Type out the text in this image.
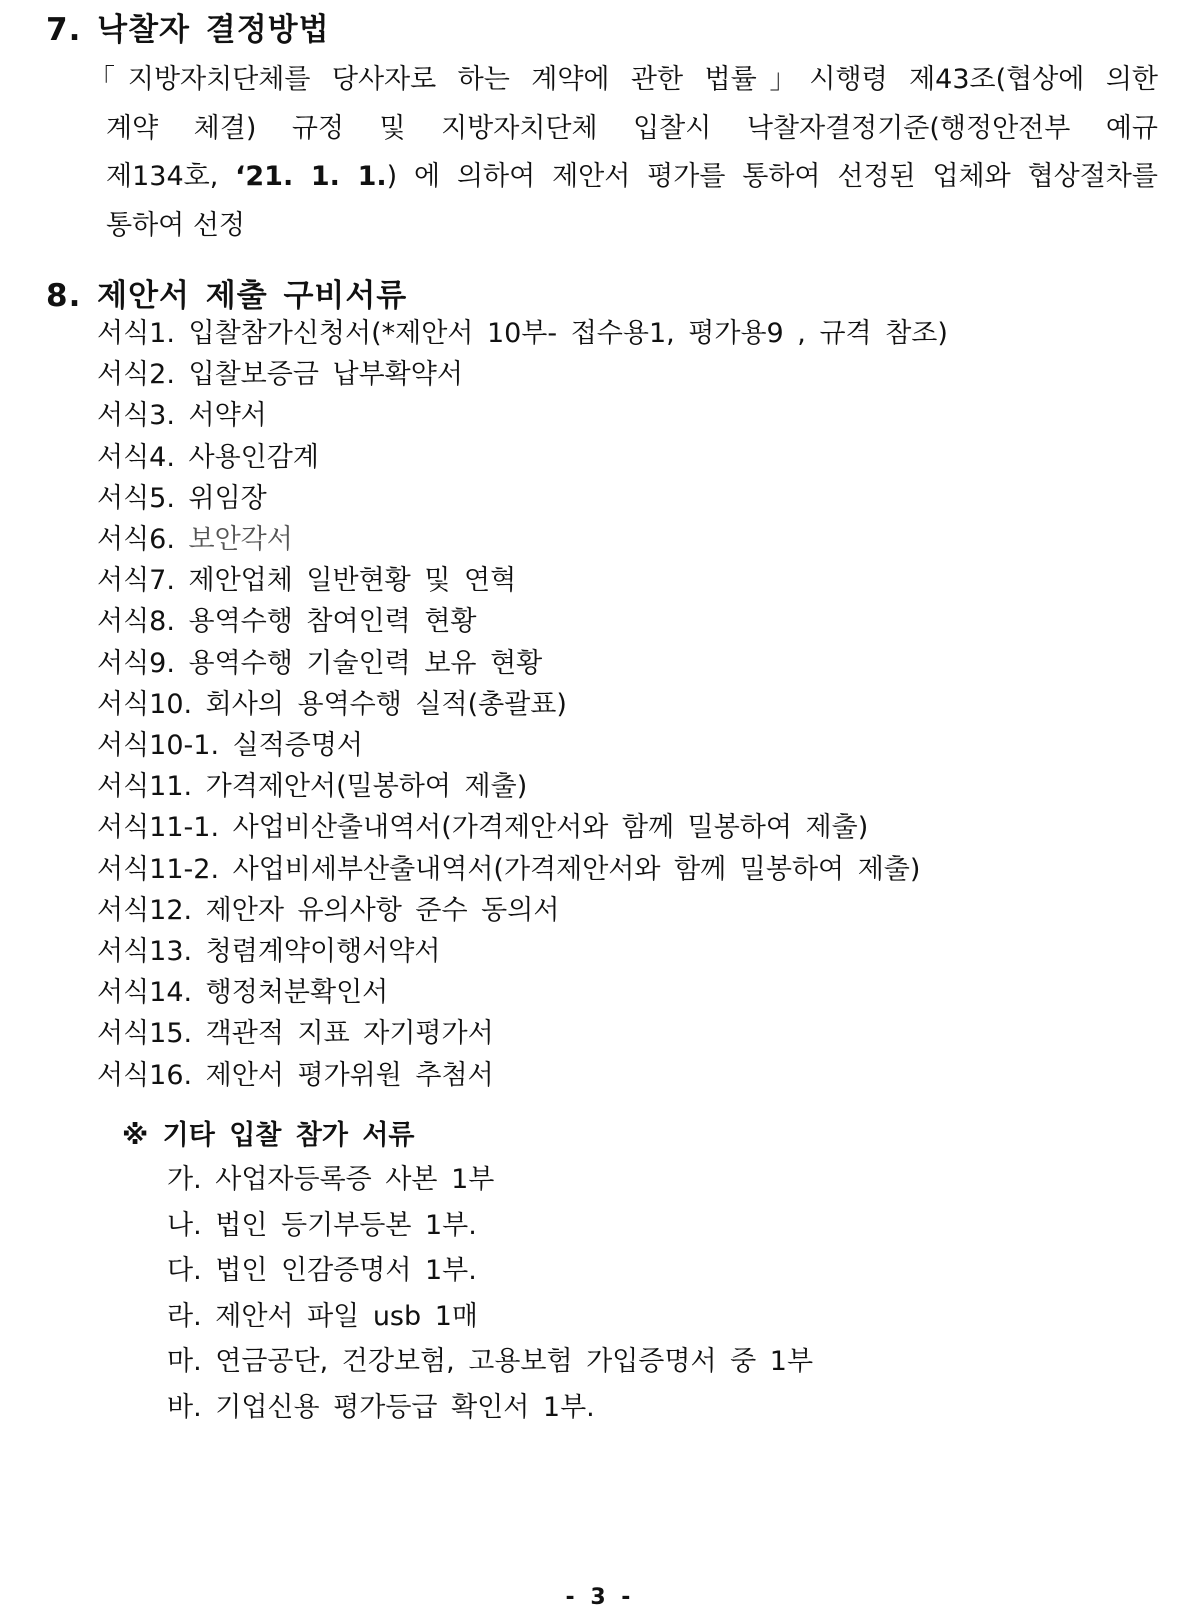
7. 낙찰자 결정방법

「지방자치단체를 당사자로 하는 계약에 관한 법률」시행령 제43조(협상에 의한
계약 체결) 규정 및 지방자치단체 입찰시 낙찰자결정기준(행정안전부 예규
제134호, ‘21. 1. 1.) 에 의하여 제안서 평가를 통하여 선정된 업체와 협상절차를
통하여 선정

8. 제안서 제출 구비서류
서식1. 입찰참가신청서(*제안서 10부- 접수용1, 평가용9 , 규격 참조)
서식2. 입찰보증금 납부확약서
서식3. 서약서
서식4. 사용인감계
서식5. 위임장
서식6. 보안각서
서식7. 제안업체 일반현황 및 연혁
서식8. 용역수행 참여인력 현황
서식9. 용역수행 기술인력 보유 현황
서식10. 회사의 용역수행 실적(총괄표)
서식10-1. 실적증명서
서식11. 가격제안서(밀봉하여 제출)
서식11-1. 사업비산출내역서(가격제안서와 함께 밀봉하여 제출)
서식11-2. 사업비세부산출내역서(가격제안서와 함께 밀봉하여 제출)
서식12. 제안자 유의사항 준수 동의서
서식13. 청렴계약이행서약서
서식14. 행정처분확인서
서식15. 객관적 지표 자기평가서
서식16. 제안서 평가위원 추첨서
※ 기타 입찰 참가 서류
가. 사업자등록증 사본 1부
나. 법인 등기부등본 1부.
다. 법인 인감증명서 1부.
라. 제안서 파일 usb 1매
마. 연금공단, 건강보험, 고용보험 가입증명서 중 1부
바. 기업신용 평가등급 확인서 1부.
- 3 -
